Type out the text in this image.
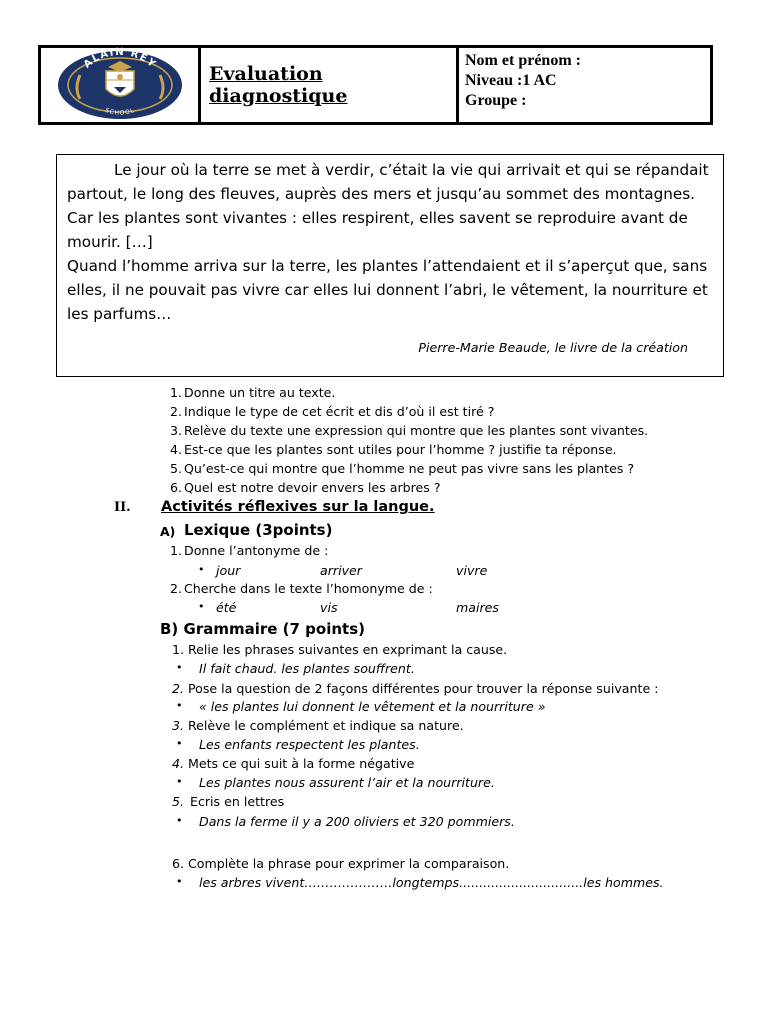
ALAIN REY
SCHOOL
Evaluation diagnostique
Nom et prénom :
Niveau :1 AC
Groupe :

Le jour où la terre se met à verdir, c’était la vie qui arrivait et qui se répandait partout, le long des fleuves, auprès des mers et jusqu’au sommet des montagnes. Car les plantes sont vivantes : elles respirent, elles savent se reproduire avant de mourir. […]

Quand l’homme arriva sur la terre, les plantes l’attendaient et il s’aperçut que, sans elles, il ne pouvait pas vivre car elles lui donnent l’abri, le vêtement, la nourriture et les parfums…

Pierre-Marie Beaude, le livre de la création
1. Donne un titre au texte.
2. Indique le type de cet écrit et dis d’où il est tiré ?
3. Relève du texte une expression qui montre que les plantes sont vivantes.
4. Est-ce que les plantes sont utiles pour l’homme ? justifie ta réponse.
5. Qu’est-ce qui montre que l’homme ne peut pas vivre sans les plantes ?
6. Quel est notre devoir envers les arbres ?
II. Activités réflexives sur la langue.
A) Lexique (3points)
1. Donne l’antonyme de :
• jour	arriver	vivre
2. Cherche dans le texte l’homonyme de :
• été	vis	maires
B) Grammaire (7 points)
1. Relie les phrases suivantes en exprimant la cause.
• Il fait chaud. les plantes souffrent.
2. Pose la question de 2 façons différentes pour trouver la réponse suivante :
• « les plantes lui donnent le vêtement et la nourriture »
3. Relève le complément et indique sa nature.
• Les enfants respectent les plantes.
4. Mets ce qui suit à la forme négative
• Les plantes nous assurent l’air et la nourriture.
5. Ecris en lettres
• Dans la ferme il y a 200 oliviers et 320 pommiers.
6. Complète la phrase pour exprimer la comparaison.
• les arbres vivent…………………longtemps...............................les hommes.
